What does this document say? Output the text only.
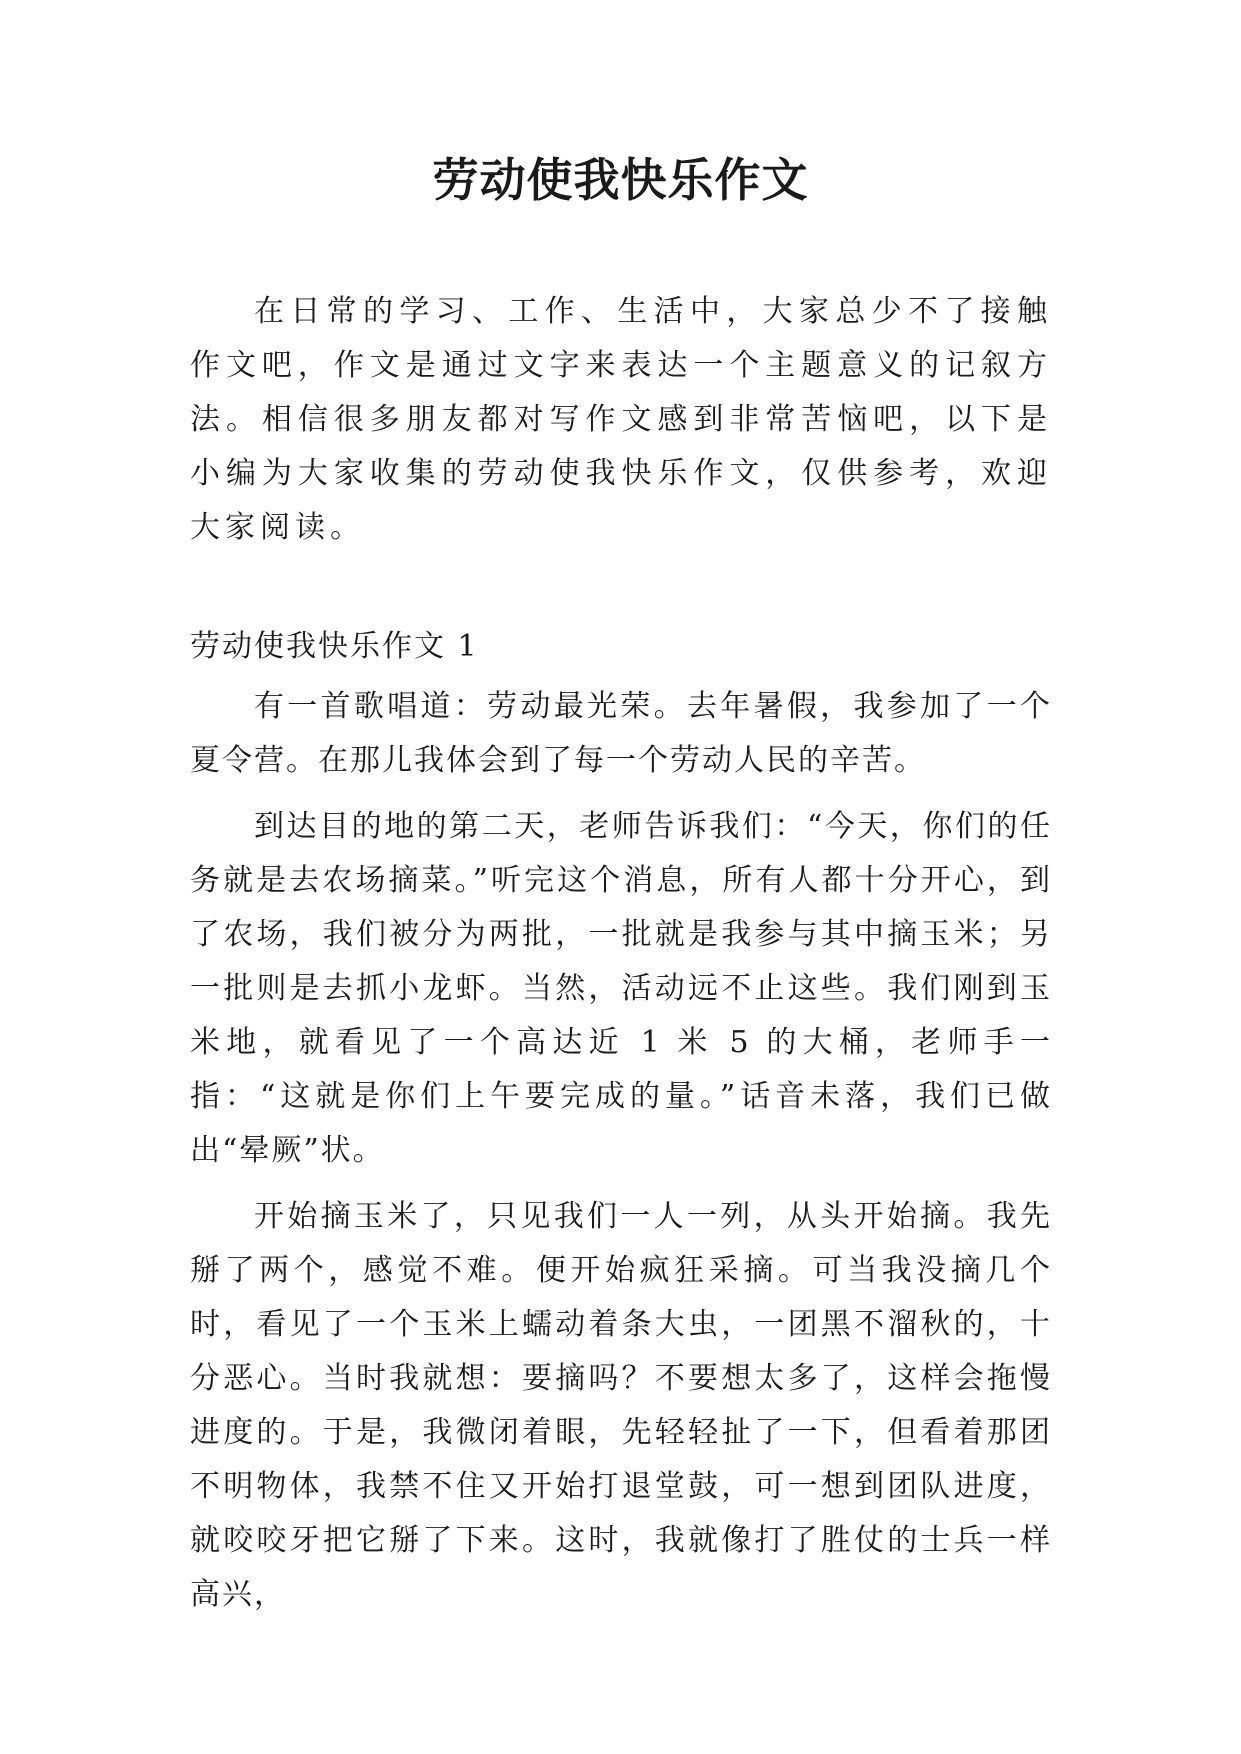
劳动使我快乐作文

在日常的学习、工作、生活中，大家总少不了接触作文吧，作文是通过文字来表达一个主题意义的记叙方法。相信很多朋友都对写作文感到非常苦恼吧，以下是小编为大家收集的劳动使我快乐作文，仅供参考，欢迎大家阅读。

劳动使我快乐作文 1

有一首歌唱道：劳动最光荣。去年暑假，我参加了一个夏令营。在那儿我体会到了每一个劳动人民的辛苦。

到达目的地的第二天，老师告诉我们：“今天，你们的任务就是去农场摘菜。”听完这个消息，所有人都十分开心，到了农场，我们被分为两批，一批就是我参与其中摘玉米；另一批则是去抓小龙虾。当然，活动远不止这些。我们刚到玉米地，就看见了一个高达近 1 米 5 的大桶，老师手一指：“这就是你们上午要完成的量。”话音未落，我们已做出“晕厥”状。

开始摘玉米了，只见我们一人一列，从头开始摘。我先掰了两个，感觉不难。便开始疯狂采摘。可当我没摘几个时，看见了一个玉米上蠕动着条大虫，一团黑不溜秋的，十分恶心。当时我就想：要摘吗？不要想太多了，这样会拖慢进度的。于是，我微闭着眼，先轻轻扯了一下，但看着那团不明物体，我禁不住又开始打退堂鼓，可一想到团队进度，就咬咬牙把它掰了下来。这时，我就像打了胜仗的士兵一样高兴，
